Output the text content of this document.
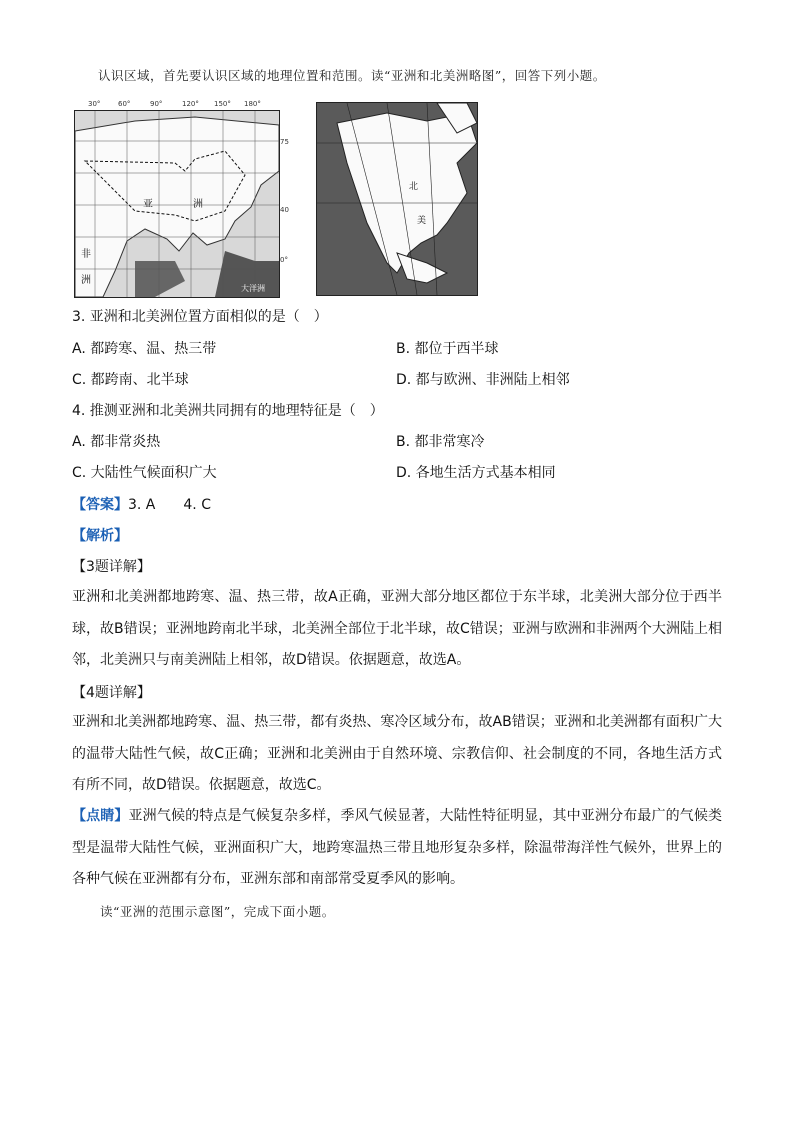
认识区域，首先要认识区域的地理位置和范围。读“亚洲和北美洲略图”，回答下列小题。
30°	60°	90°	120° 150° 180°
亚	洲
非
洲
大洋洲
75
40
0°
北
美
3. 亚洲和北美洲位置方面相似的是（　）
A. 都跨寒、温、热三带	B. 都位于西半球
C. 都跨南、北半球	D. 都与欧洲、非洲陆上相邻
4. 推测亚洲和北美洲共同拥有的地理特征是（　）
A. 都非常炎热	B. 都非常寒冷
C. 大陆性气候面积广大	D. 各地生活方式基本相同
【答案】3. A　　4. C
【解析】
【3题详解】
亚洲和北美洲都地跨寒、温、热三带，故A正确，亚洲大部分地区都位于东半球，北美洲大部分位于西半球，故B错误；亚洲地跨南北半球，北美洲全部位于北半球，故C错误；亚洲与欧洲和非洲两个大洲陆上相邻，北美洲只与南美洲陆上相邻，故D错误。依据题意，故选A。
【4题详解】
亚洲和北美洲都地跨寒、温、热三带，都有炎热、寒冷区域分布，故AB错误；亚洲和北美洲都有面积广大的温带大陆性气候，故C正确；亚洲和北美洲由于自然环境、宗教信仰、社会制度的不同，各地生活方式有所不同，故D错误。依据题意，故选C。
【点睛】亚洲气候的特点是气候复杂多样，季风气候显著，大陆性特征明显，其中亚洲分布最广的气候类型是温带大陆性气候，亚洲面积广大，地跨寒温热三带且地形复杂多样，除温带海洋性气候外，世界上的各种气候在亚洲都有分布，亚洲东部和南部常受夏季风的影响。
读“亚洲的范围示意图”，完成下面小题。
